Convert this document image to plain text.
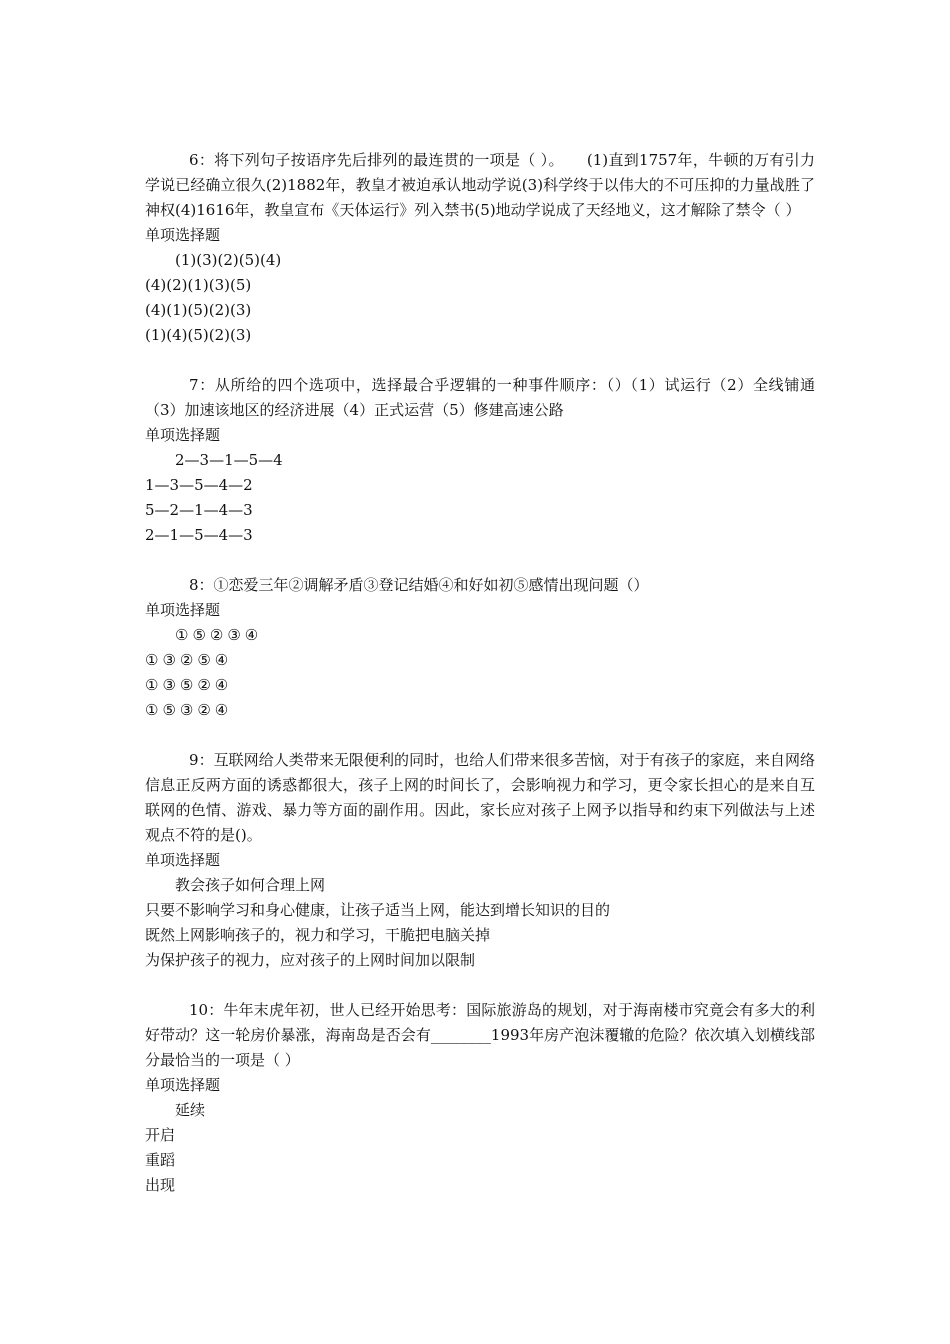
6：将下列句子按语序先后排列的最连贯的一项是（ ）。　　(1)直到1757年，牛顿的万有引力学说已经确立很久(2)1882年，教皇才被迫承认地动学说(3)科学终于以伟大的不可压抑的力量战胜了神权(4)1616年，教皇宣布《天体运行》列入禁书(5)地动学说成了天经地义，这才解除了禁令（ ）

单项选择题

(1)(3)(2)(5)(4)
(4)(2)(1)(3)(5)
(4)(1)(5)(2)(3)
(1)(4)(5)(2)(3)

7：从所给的四个选项中，选择最合乎逻辑的一种事件顺序：（）（1）试运行（2）全线铺通（3）加速该地区的经济进展（4）正式运营（5）修建高速公路

单项选择题

2—3—1—5—4
1—3—5—4—2
5—2—1—4—3
2—1—5—4—3

8：①恋爱三年②调解矛盾③登记结婚④和好如初⑤感情出现问题（）

单项选择题

①⑤②③④
①③②⑤④
①③⑤②④
①⑤③②④

9：互联网给人类带来无限便利的同时，也给人们带来很多苦恼，对于有孩子的家庭，来自网络信息正反两方面的诱惑都很大，孩子上网的时间长了，会影响视力和学习，更令家长担心的是来自互联网的色情、游戏、暴力等方面的副作用。因此，家长应对孩子上网予以指导和约束下列做法与上述观点不符的是()。

单项选择题

教会孩子如何合理上网
只要不影响学习和身心健康，让孩子适当上网，能达到增长知识的目的
既然上网影响孩子的，视力和学习，干脆把电脑关掉
为保护孩子的视力，应对孩子的上网时间加以限制

10：牛年末虎年初，世人已经开始思考：国际旅游岛的规划，对于海南楼市究竟会有多大的利好带动？这一轮房价暴涨，海南岛是否会有________1993年房产泡沫覆辙的危险？依次填入划横线部分最恰当的一项是（ ）

单项选择题

延续
开启
重蹈
出现
